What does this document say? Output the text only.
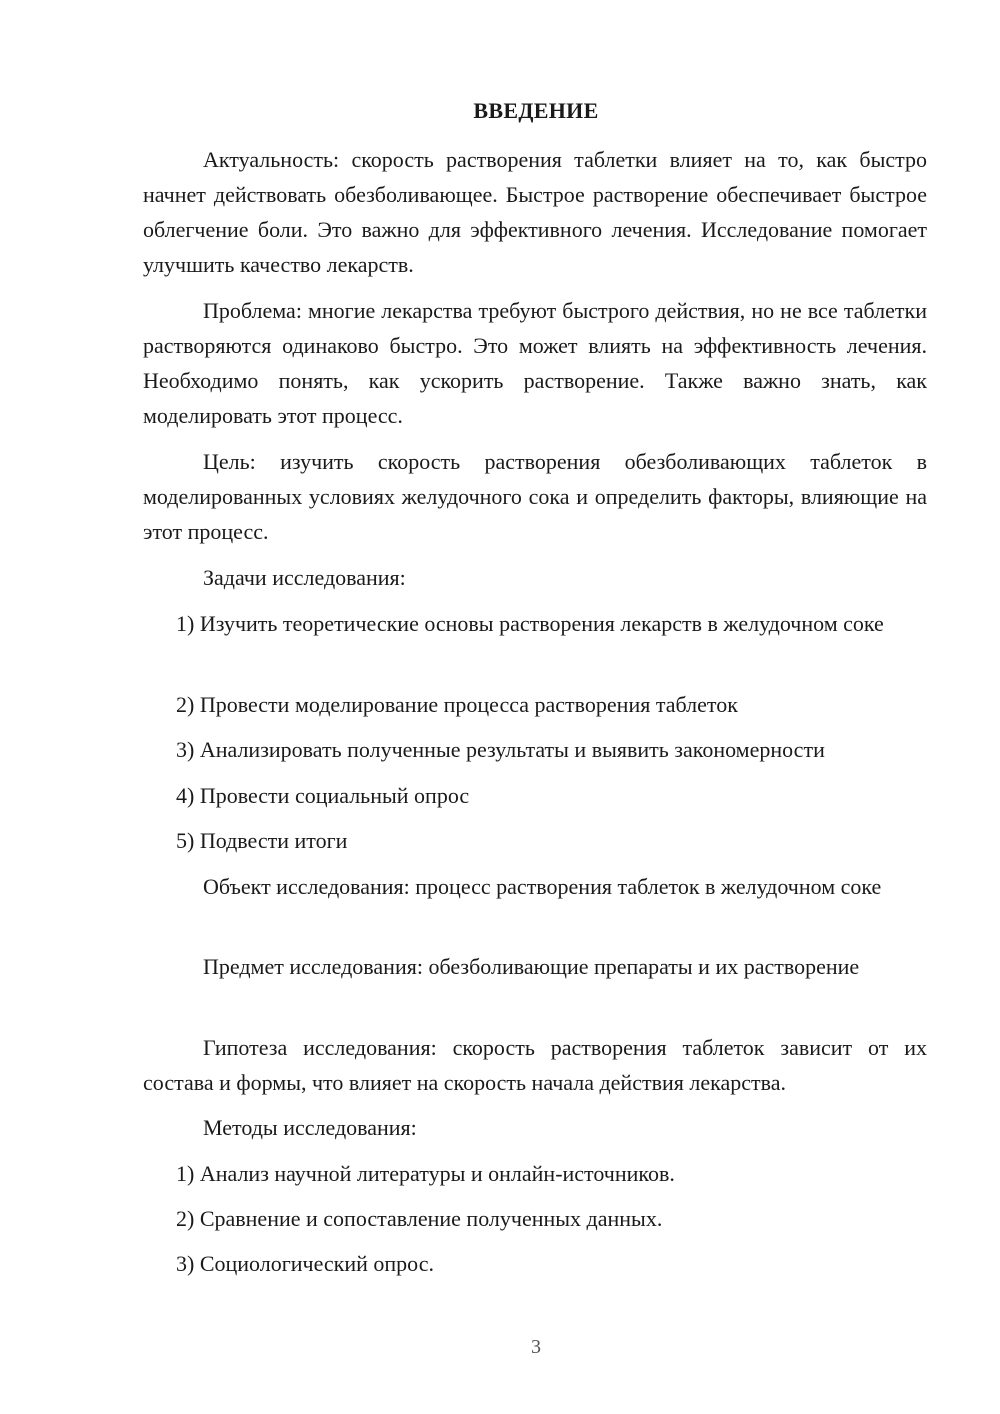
ВВЕДЕНИЕ
Актуальность: скорость растворения таблетки влияет на то, как быстро начнет действовать обезболивающее. Быстрое растворение обеспечивает быстрое облегчение боли. Это важно для эффективного лечения. Исследование помогает улучшить качество лекарств.
Проблема: многие лекарства требуют быстрого действия, но не все таблетки растворяются одинаково быстро. Это может влиять на эффективность лечения. Необходимо понять, как ускорить растворение. Также важно знать, как моделировать этот процесс.
Цель: изучить скорость растворения обезболивающих таблеток в моделированных условиях желудочного сока и определить факторы, влияющие на этот процесс.
Задачи исследования:
1) Изучить теоретические основы растворения лекарств в желудочном соке
2) Провести моделирование процесса растворения таблеток
3) Анализировать полученные результаты и выявить закономерности
4) Провести социальный опрос
5) Подвести итоги
Объект исследования: процесс растворения таблеток в желудочном соке
Предмет исследования: обезболивающие препараты и их растворение
Гипотеза исследования: скорость растворения таблеток зависит от их состава и формы, что влияет на скорость начала действия лекарства.
Методы исследования:
1) Анализ научной литературы и онлайн-источников.
2) Сравнение и сопоставление полученных данных.
3) Социологический опрос.
3
